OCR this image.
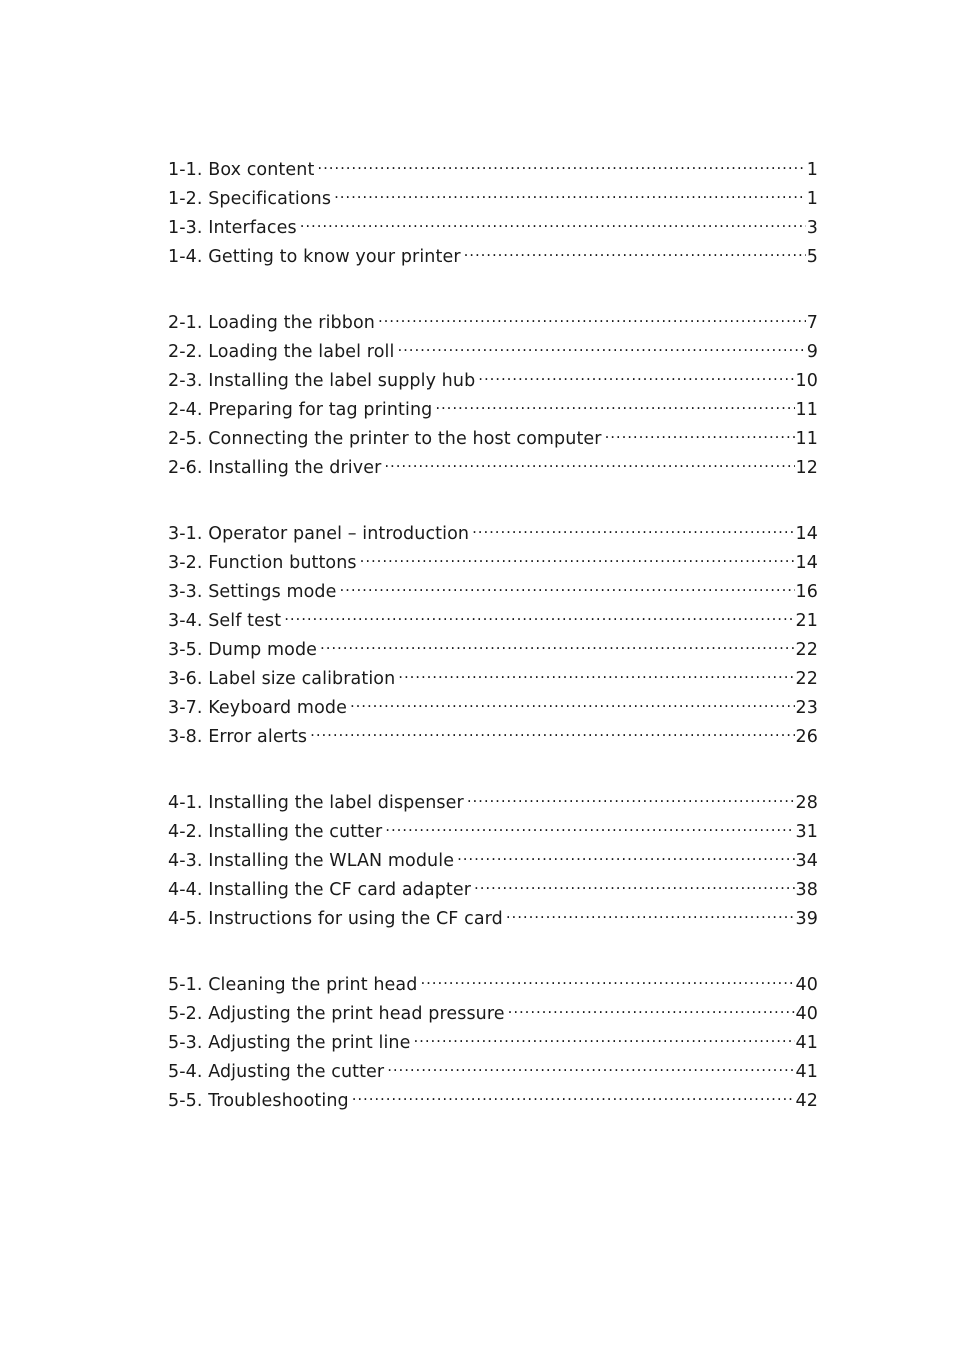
1-1. Box content .....	1
1-2. Specifications .....	1
1-3. Interfaces .....	3
1-4. Getting to know your printer .....	5
2-1. Loading the ribbon .....	7
2-2. Loading the label roll .....	9
2-3. Installing the label supply hub .....	10
2-4. Preparing for tag printing .....	11
2-5. Connecting the printer to the host computer .....	11
2-6. Installing the driver .....	12
3-1. Operator panel – introduction .....	14
3-2. Function buttons .....	14
3-3. Settings mode .....	16
3-4. Self test .....	21
3-5. Dump mode .....	22
3-6. Label size calibration .....	22
3-7. Keyboard mode .....	23
3-8. Error alerts .....	26
4-1. Installing the label dispenser .....	28
4-2. Installing the cutter .....	31
4-3. Installing the WLAN module .....	34
4-4. Installing the CF card adapter .....	38
4-5. Instructions for using the CF card .....	39
5-1. Cleaning the print head .....	40
5-2. Adjusting the print head pressure .....	40
5-3. Adjusting the print line .....	41
5-4. Adjusting the cutter .....	41
5-5. Troubleshooting .....	42
